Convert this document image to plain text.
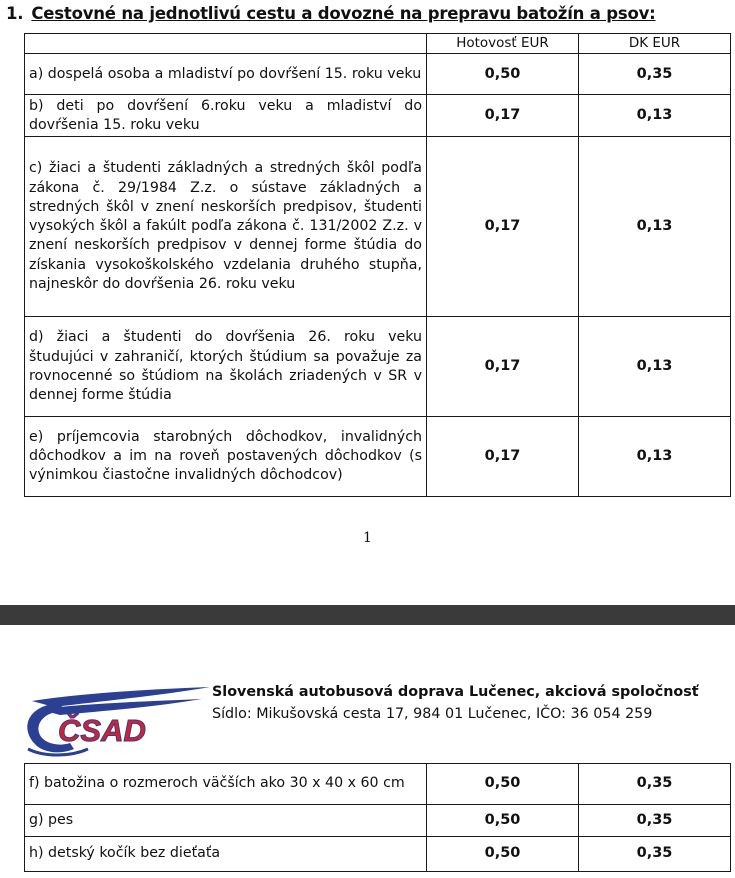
1. Cestovné na jednotlivú cestu a dovozné na prepravu batožín a psov:
	Hotovosť EUR	DK EUR
a) dospelá osoba a mladiství po dovŕšení 15. roku veku	0,50	0,35
b) deti po dovŕšení 6.roku veku a mladiství do dovŕšenia 15. roku veku	0,17	0,13
c) žiaci a študenti základných a stredných škôl podľa zákona č. 29/1984 Z.z. o sústave základných a stredných škôl v znení neskorších predpisov, študenti vysokých škôl a fakúlt podľa zákona č. 131/2002 Z.z. v znení neskorších predpisov v dennej forme štúdia do získania vysokoškolského vzdelania druhého stupňa, najneskôr do dovŕšenia 26. roku veku	0,17	0,13
d) žiaci a študenti do dovŕšenia 26. roku veku študujúci v zahraničí, ktorých štúdium sa považuje za rovnocenné so štúdiom na školách zriadených v SR v dennej forme štúdia	0,17	0,13
e) príjemcovia starobných dôchodkov, invalidných dôchodkov a im na roveň postavených dôchodkov (s výnimkou čiastočne invalidných dôchodcov)	0,17	0,13
1
ČSAD
Slovenská autobusová doprava Lučenec, akciová spoločnosť
Sídlo: Mikušovská cesta 17, 984 01 Lučenec, IČO: 36 054 259
f) batožina o rozmeroch väčších ako 30 x 40 x 60 cm	0,50	0,35
g) pes	0,50	0,35
h) detský kočík bez dieťaťa	0,50	0,35
